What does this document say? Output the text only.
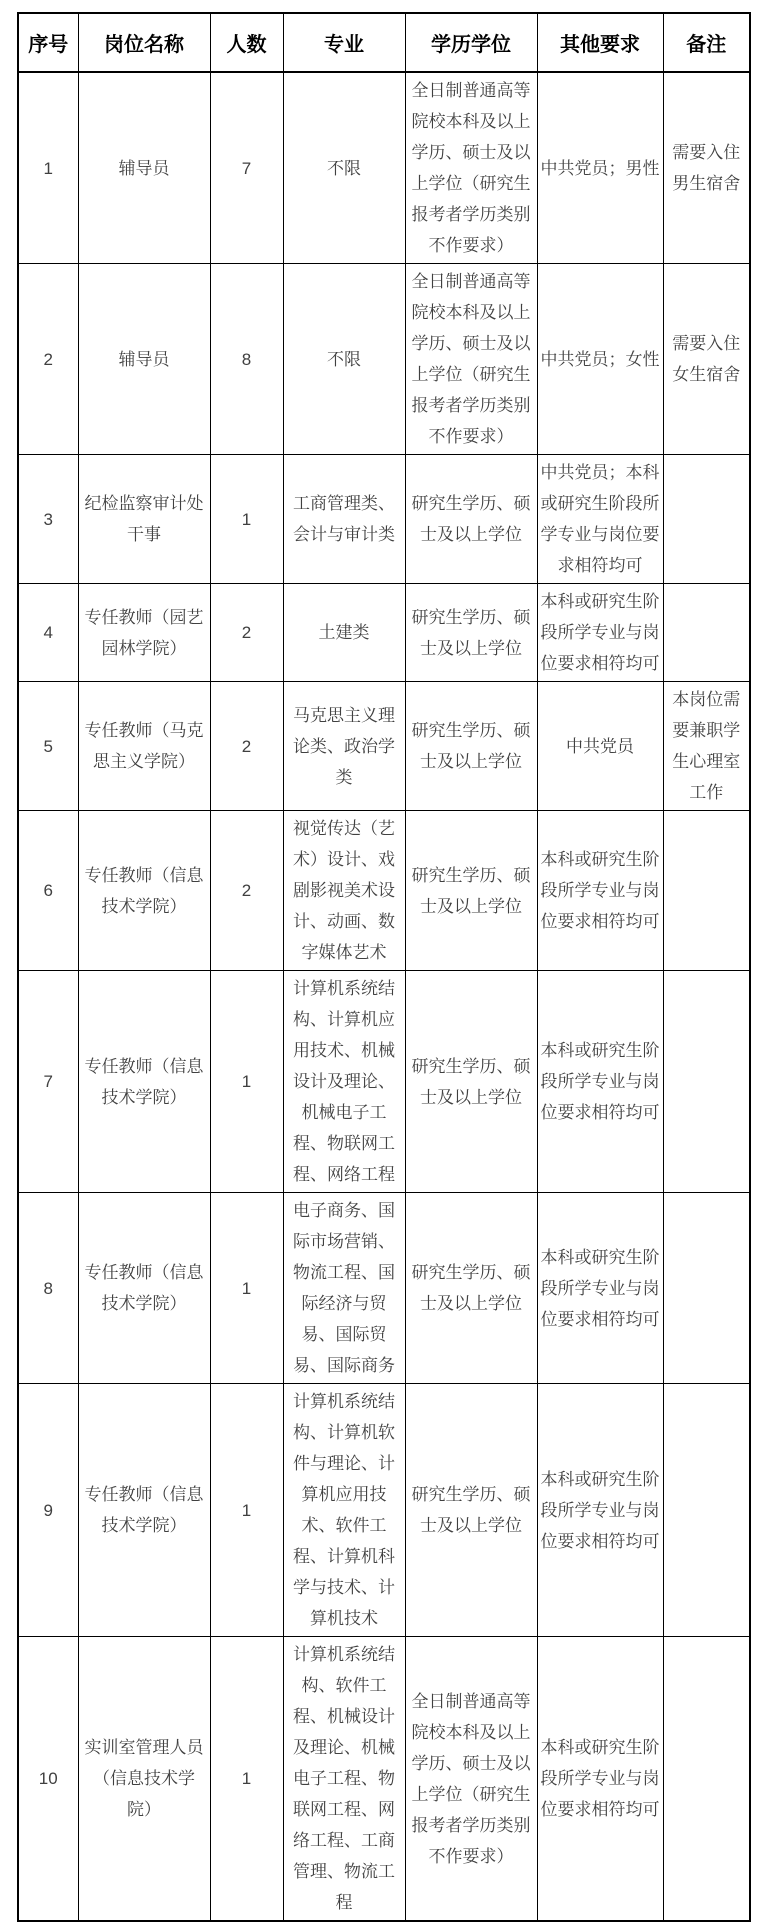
序号	岗位名称	人数	专业	学历学位	其他要求	备注
1	辅导员	7	不限	全日制普通高等院校本科及以上学历、硕士及以上学位（研究生报考者学历类别不作要求）	中共党员；男性	需要入住男生宿舍
2	辅导员	8	不限	全日制普通高等院校本科及以上学历、硕士及以上学位（研究生报考者学历类别不作要求）	中共党员；女性	需要入住女生宿舍
3	纪检监察审计处干事	1	工商管理类、会计与审计类	研究生学历、硕士及以上学位	中共党员；本科或研究生阶段所学专业与岗位要求相符均可	
4	专任教师（园艺园林学院）	2	土建类	研究生学历、硕士及以上学位	本科或研究生阶段所学专业与岗位要求相符均可	
5	专任教师（马克思主义学院）	2	马克思主义理论类、政治学类	研究生学历、硕士及以上学位	中共党员	本岗位需要兼职学生心理室工作
6	专任教师（信息技术学院）	2	视觉传达（艺术）设计、戏剧影视美术设计、动画、数字媒体艺术	研究生学历、硕士及以上学位	本科或研究生阶段所学专业与岗位要求相符均可	
7	专任教师（信息技术学院）	1	计算机系统结构、计算机应用技术、机械设计及理论、机械电子工程、物联网工程、网络工程	研究生学历、硕士及以上学位	本科或研究生阶段所学专业与岗位要求相符均可	
8	专任教师（信息技术学院）	1	电子商务、国际市场营销、物流工程、国际经济与贸易、国际贸易、国际商务	研究生学历、硕士及以上学位	本科或研究生阶段所学专业与岗位要求相符均可	
9	专任教师（信息技术学院）	1	计算机系统结构、计算机软件与理论、计算机应用技术、软件工程、计算机科学与技术、计算机技术	研究生学历、硕士及以上学位	本科或研究生阶段所学专业与岗位要求相符均可	
10	实训室管理人员（信息技术学院）	1	计算机系统结构、软件工程、机械设计及理论、机械电子工程、物联网工程、网络工程、工商管理、物流工程	全日制普通高等院校本科及以上学历、硕士及以上学位（研究生报考者学历类别不作要求）	本科或研究生阶段所学专业与岗位要求相符均可	
